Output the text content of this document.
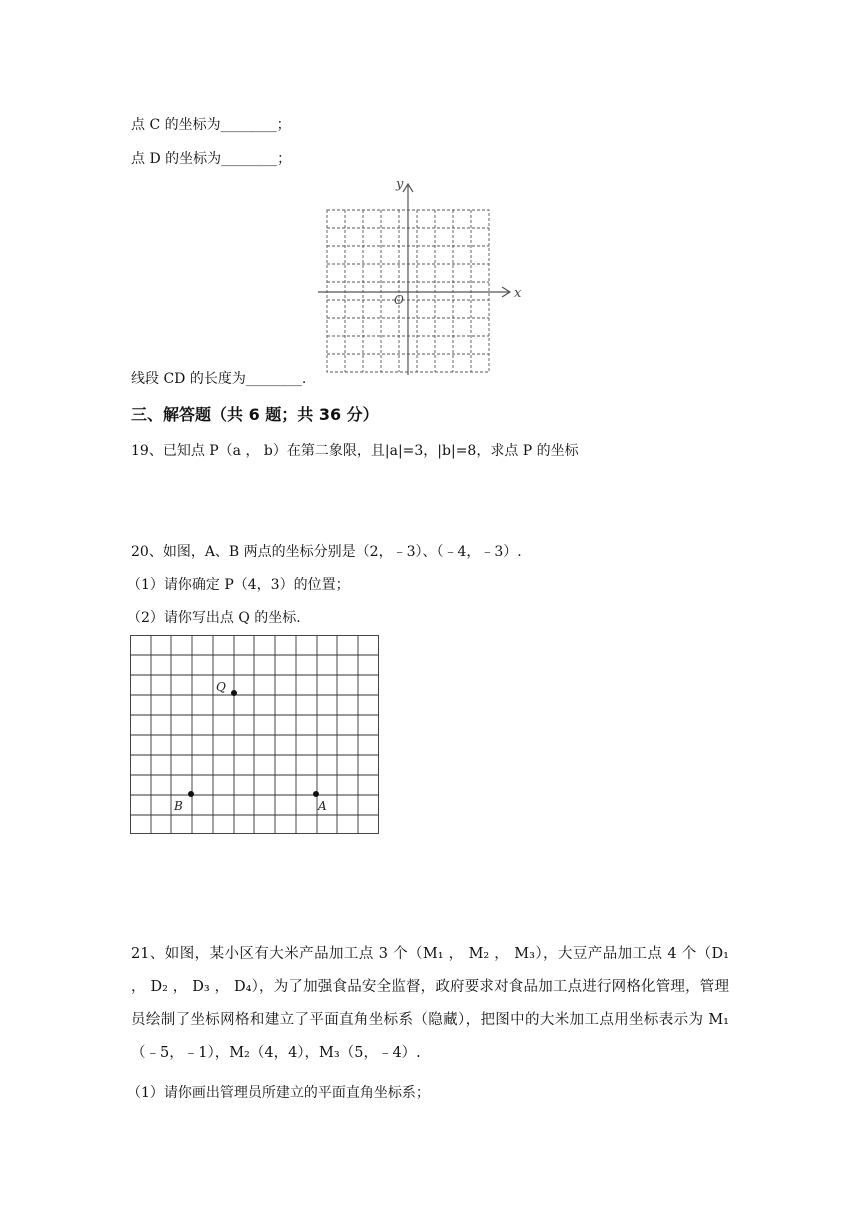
点 C 的坐标为________；
点 D 的坐标为________；
x
y
O
线段 CD 的长度为________.
三、解答题（共 6 题；共 36 分）
19、已知点 P（a ， b）在第二象限，且|a|=3，|b|=8，求点 P 的坐标
20、如图，A、B 两点的坐标分别是（2，﹣3）、（﹣4，﹣3）.
（1）请你确定 P（4，3）的位置；
（2）请你写出点 Q 的坐标.
Q
B	A
21、如图，某小区有大米产品加工点 3 个（M₁ ， M₂ ， M₃），大豆产品加工点 4 个（D₁ ， D₂ ， D₃ ， D₄），为了加强食品安全监督，政府要求对食品加工点进行网格化管理，管理员绘制了坐标网格和建立了平面直角坐标系（隐藏），把图中的大米加工点用坐标表示为 M₁（﹣5，﹣1），M₂（4，4），M₃（5，﹣4）.
（1）请你画出管理员所建立的平面直角坐标系；
